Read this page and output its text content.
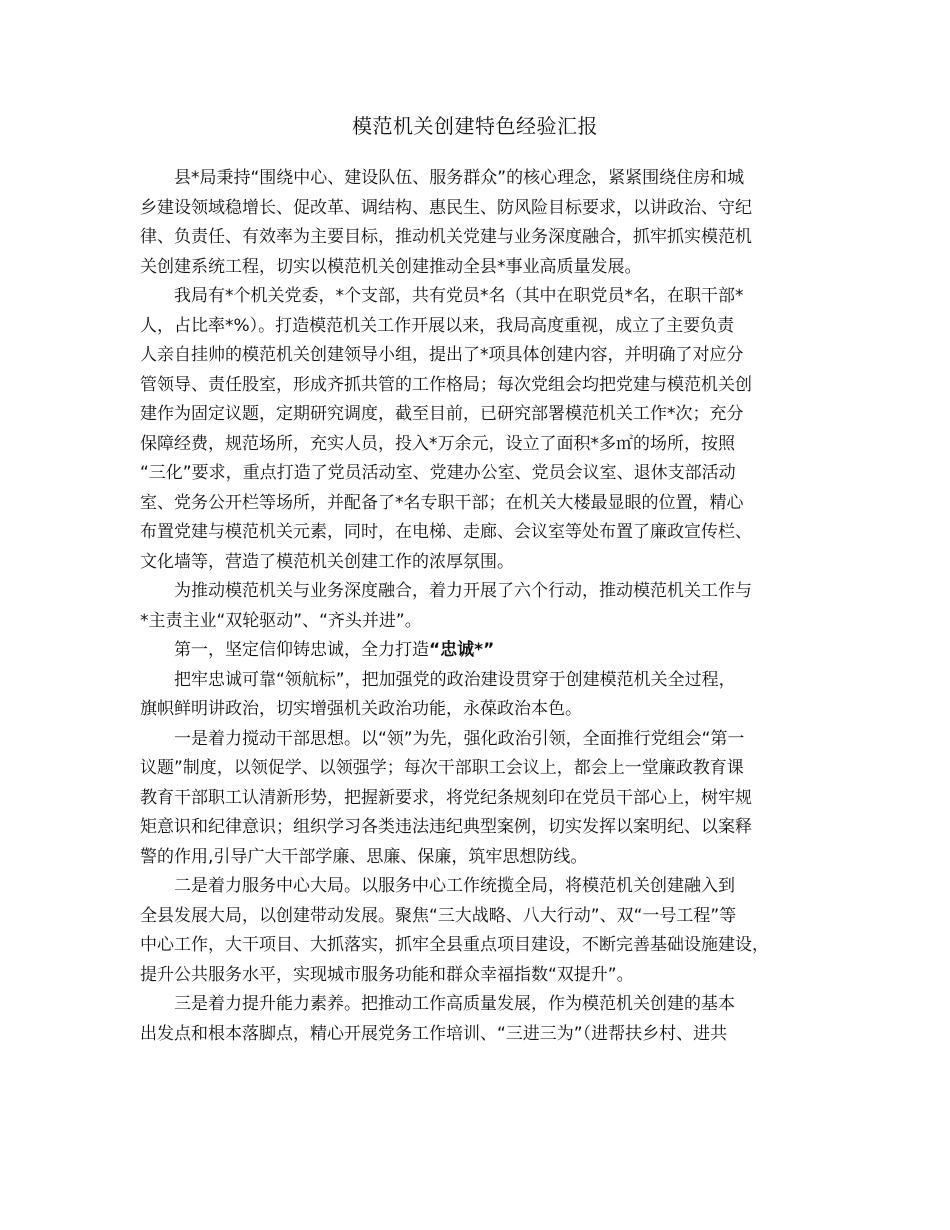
模范机关创建特色经验汇报

县*局秉持“围绕中心、建设队伍、服务群众”的核心理念，紧紧围绕住房和城
乡建设领域稳增长、促改革、调结构、惠民生、防风险目标要求，以讲政治、守纪
律、负责任、有效率为主要目标，推动机关党建与业务深度融合，抓牢抓实模范机
关创建系统工程，切实以模范机关创建推动全县*事业高质量发展。

我局有*个机关党委，*个支部，共有党员*名（其中在职党员*名，在职干部*
人，占比率*%）。打造模范机关工作开展以来，我局高度重视，成立了主要负责
人亲自挂帅的模范机关创建领导小组，提出了*项具体创建内容，并明确了对应分
管领导、责任股室，形成齐抓共管的工作格局；每次党组会均把党建与模范机关创
建作为固定议题，定期研究调度，截至目前，已研究部署模范机关工作*次；充分
保障经费，规范场所，充实人员，投入*万余元，设立了面积*多㎡的场所，按照
“三化”要求，重点打造了党员活动室、党建办公室、党员会议室、退休支部活动
室、党务公开栏等场所，并配备了*名专职干部；在机关大楼最显眼的位置，精心
布置党建与模范机关元素，同时，在电梯、走廊、会议室等处布置了廉政宣传栏、
文化墙等，营造了模范机关创建工作的浓厚氛围。

为推动模范机关与业务深度融合，着力开展了六个行动，推动模范机关工作与
*主责主业“双轮驱动”、“齐头并进”。

第一，坚定信仰铸忠诚，全力打造“忠诚*”

把牢忠诚可靠“领航标”，把加强党的政治建设贯穿于创建模范机关全过程，
旗帜鲜明讲政治，切实增强机关政治功能，永葆政治本色。

一是着力搅动干部思想。以“领”为先，强化政治引领，全面推行党组会“第一
议题”制度，以领促学、以领强学；每次干部职工会议上，都会上一堂廉政教育课
教育干部职工认清新形势，把握新要求，将党纪条规刻印在党员干部心上，树牢规
矩意识和纪律意识；组织学习各类违法违纪典型案例，切实发挥以案明纪、以案释
警的作用,引导广大干部学廉、思廉、保廉，筑牢思想防线。

二是着力服务中心大局。以服务中心工作统揽全局，将模范机关创建融入到
全县发展大局，以创建带动发展。聚焦“三大战略、八大行动”、双“一号工程”等
中心工作，大干项目、大抓落实，抓牢全县重点项目建设，不断完善基础设施建设，
提升公共服务水平，实现城市服务功能和群众幸福指数“双提升”。

三是着力提升能力素养。把推动工作高质量发展，作为模范机关创建的基本
出发点和根本落脚点，精心开展党务工作培训、“三进三为”（进帮扶乡村、进共
